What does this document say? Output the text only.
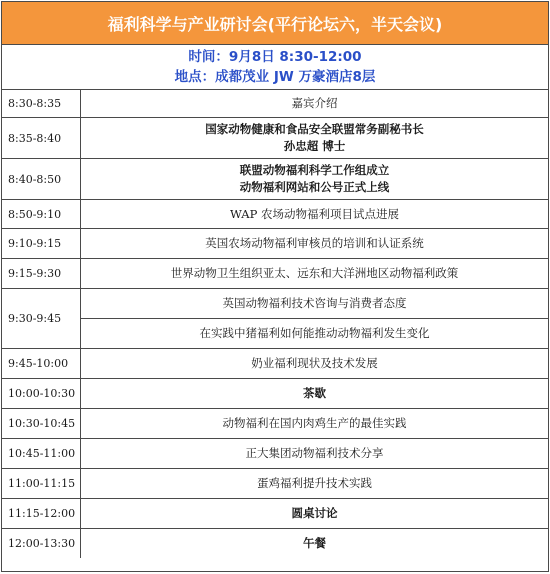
福利科学与产业研讨会(平行论坛六，半天会议)
时间：9月8日 8:30-12:00
地点：成都茂业 JW 万豪酒店8层
8:30-8:35	嘉宾介绍

8:35-8:40	国家动物健康和食品安全联盟常务副秘书长
孙忠超 博士

8:40-8:50	联盟动物福利科学工作组成立
动物福利网站和公号正式上线

8:50-9:10	WAP 农场动物福利项目试点进展

9:10-9:15	英国农场动物福利审核员的培训和认证系统

9:15-9:30	世界动物卫生组织亚太、远东和大洋洲地区动物福利政策

9:30-9:45	英国动物福利技术咨询与消费者态度

	在实践中猪福利如何能推动动物福利发生变化

9:45-10:00	奶业福利现状及技术发展

10:00-10:30	茶歇

10:30-10:45	动物福利在国内肉鸡生产的最佳实践

10:45-11:00	正大集团动物福利技术分享

11:00-11:15	蛋鸡福利提升技术实践

11:15-12:00	圆桌讨论

12:00-13:30	午餐
